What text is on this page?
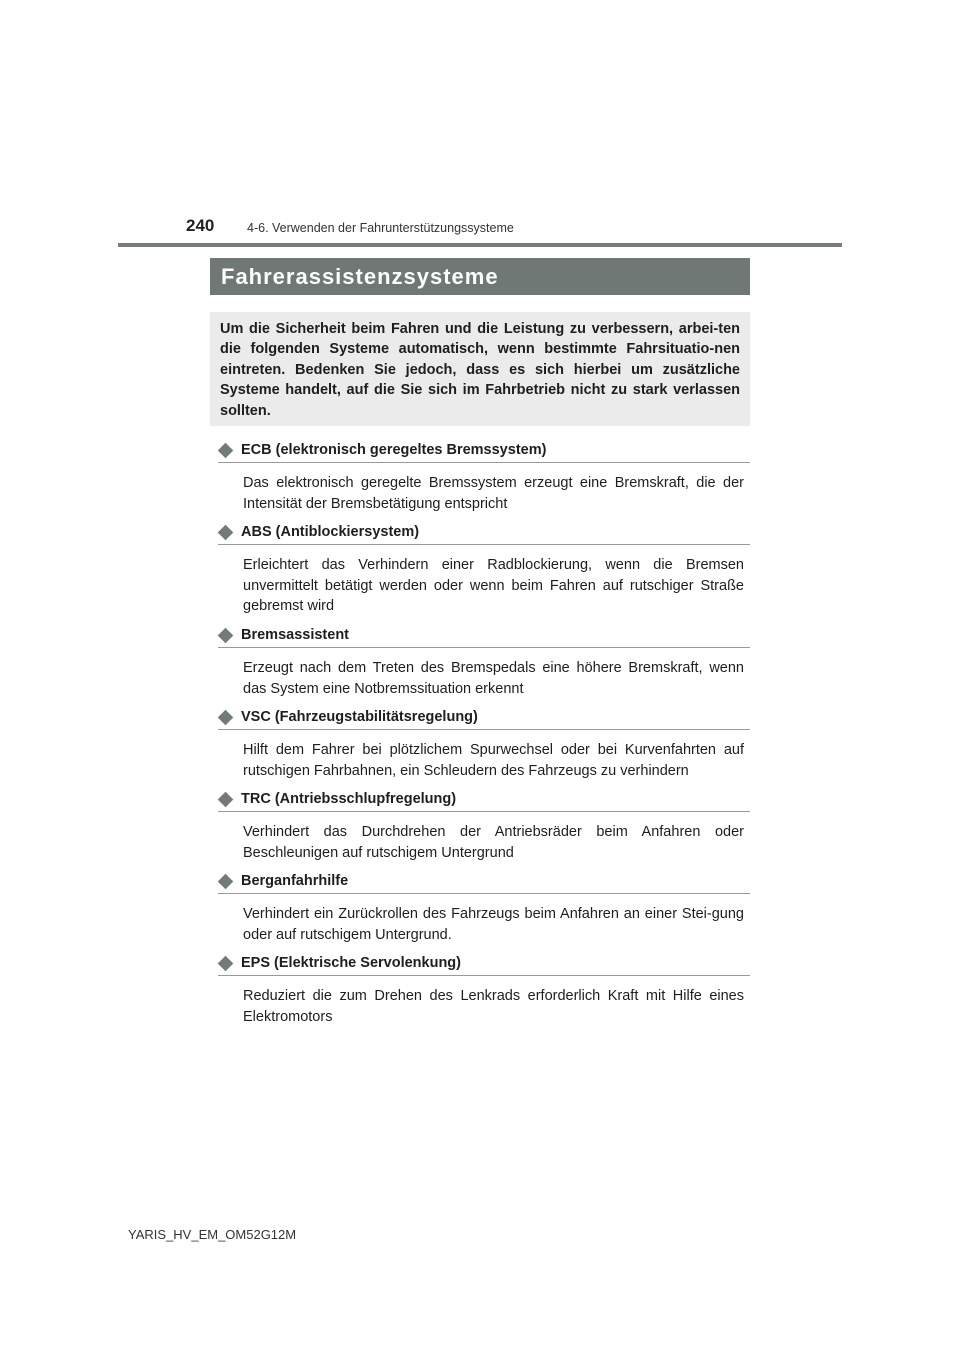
240	4-6. Verwenden der Fahrunterstützungssysteme
Fahrerassistenzsysteme

Um die Sicherheit beim Fahren und die Leistung zu verbessern, arbei-ten die folgenden Systeme automatisch, wenn bestimmte Fahrsituatio-nen eintreten. Bedenken Sie jedoch, dass es sich hierbei um zusätzliche Systeme handelt, auf die Sie sich im Fahrbetrieb nicht zu stark verlassen sollten.

ECB (elektronisch geregeltes Bremssystem)
Das elektronisch geregelte Bremssystem erzeugt eine Bremskraft, die der Intensität der Bremsbetätigung entspricht
ABS (Antiblockiersystem)
Erleichtert das Verhindern einer Radblockierung, wenn die Bremsen unvermittelt betätigt werden oder wenn beim Fahren auf rutschiger Straße gebremst wird
Bremsassistent
Erzeugt nach dem Treten des Bremspedals eine höhere Bremskraft, wenn das System eine Notbremssituation erkennt
VSC (Fahrzeugstabilitätsregelung)
Hilft dem Fahrer bei plötzlichem Spurwechsel oder bei Kurvenfahrten auf rutschigen Fahrbahnen, ein Schleudern des Fahrzeugs zu verhindern
TRC (Antriebsschlupfregelung)
Verhindert das Durchdrehen der Antriebsräder beim Anfahren oder Beschleunigen auf rutschigem Untergrund
Berganfahrhilfe
Verhindert ein Zurückrollen des Fahrzeugs beim Anfahren an einer Stei-gung oder auf rutschigem Untergrund.
EPS (Elektrische Servolenkung)
Reduziert die zum Drehen des Lenkrads erforderlich Kraft mit Hilfe eines Elektromotors
YARIS_HV_EM_OM52G12M
